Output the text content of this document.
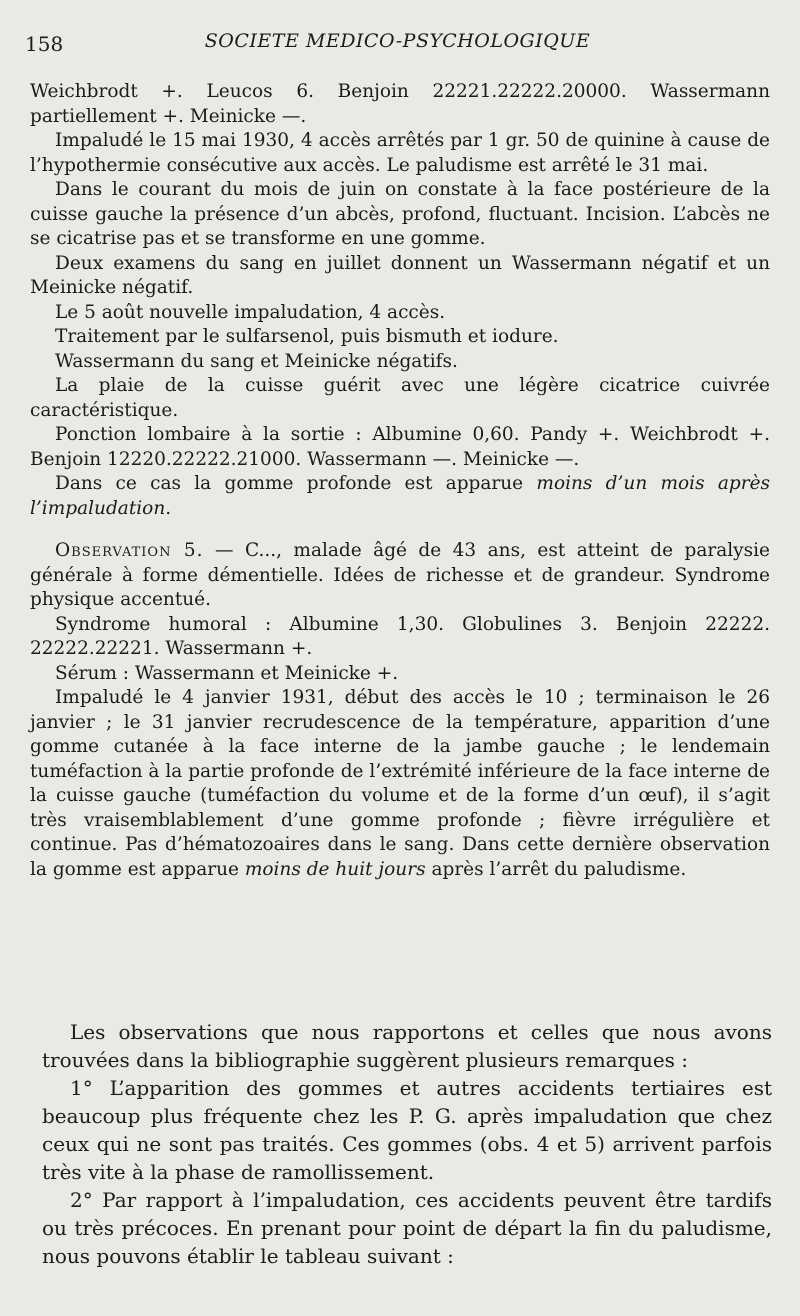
158	SOCIETE MEDICO-PSYCHOLOGIQUE

Weichbrodt +. Leucos 6. Benjoin 22221.22222.20000. Wassermann partiellement +. Meinicke —.

Impaludé le 15 mai 1930, 4 accès arrêtés par 1 gr. 50 de quinine à cause de l’hypothermie consécutive aux accès. Le paludisme est arrêté le 31 mai.

Dans le courant du mois de juin on constate à la face postérieure de la cuisse gauche la présence d’un abcès, profond, fluctuant. Incision. L’abcès ne se cicatrise pas et se transforme en une gomme.

Deux examens du sang en juillet donnent un Wassermann négatif et un Meinicke négatif.

Le 5 août nouvelle impaludation, 4 accès.

Traitement par le sulfarsenol, puis bismuth et iodure.

Wassermann du sang et Meinicke négatifs.

La plaie de la cuisse guérit avec une légère cicatrice cuivrée caractéristique.

Ponction lombaire à la sortie : Albumine 0,60. Pandy +. Weichbrodt +. Benjoin 12220.22222.21000. Wassermann —. Meinicke —.

Dans ce cas la gomme profonde est apparue moins d’un mois après l’impaludation.

Observation 5. — C..., malade âgé de 43 ans, est atteint de paralysie générale à forme démentielle. Idées de richesse et de grandeur. Syndrome physique accentué.

Syndrome humoral : Albumine 1,30. Globulines 3. Benjoin 22222. 22222.22221. Wassermann +.

Sérum : Wassermann et Meinicke +.

Impaludé le 4 janvier 1931, début des accès le 10 ; terminaison le 26 janvier ; le 31 janvier recrudescence de la température, apparition d’une gomme cutanée à la face interne de la jambe gauche ; le lendemain tuméfaction à la partie profonde de l’extrémité inférieure de la face interne de la cuisse gauche (tuméfaction du volume et de la forme d’un œuf), il s’agit très vraisemblablement d’une gomme profonde ; fièvre irrégulière et continue. Pas d’hématozoaires dans le sang. Dans cette dernière observation la gomme est apparue moins de huit jours après l’arrêt du paludisme.

Les observations que nous rapportons et celles que nous avons trouvées dans la bibliographie suggèrent plusieurs remarques :

1° L’apparition des gommes et autres accidents tertiaires est beaucoup plus fréquente chez les P. G. après impaludation que chez ceux qui ne sont pas traités. Ces gommes (obs. 4 et 5) arrivent parfois très vite à la phase de ramollissement.

2° Par rapport à l’impaludation, ces accidents peuvent être tardifs ou très précoces. En prenant pour point de départ la fin du paludisme, nous pouvons établir le tableau suivant :
